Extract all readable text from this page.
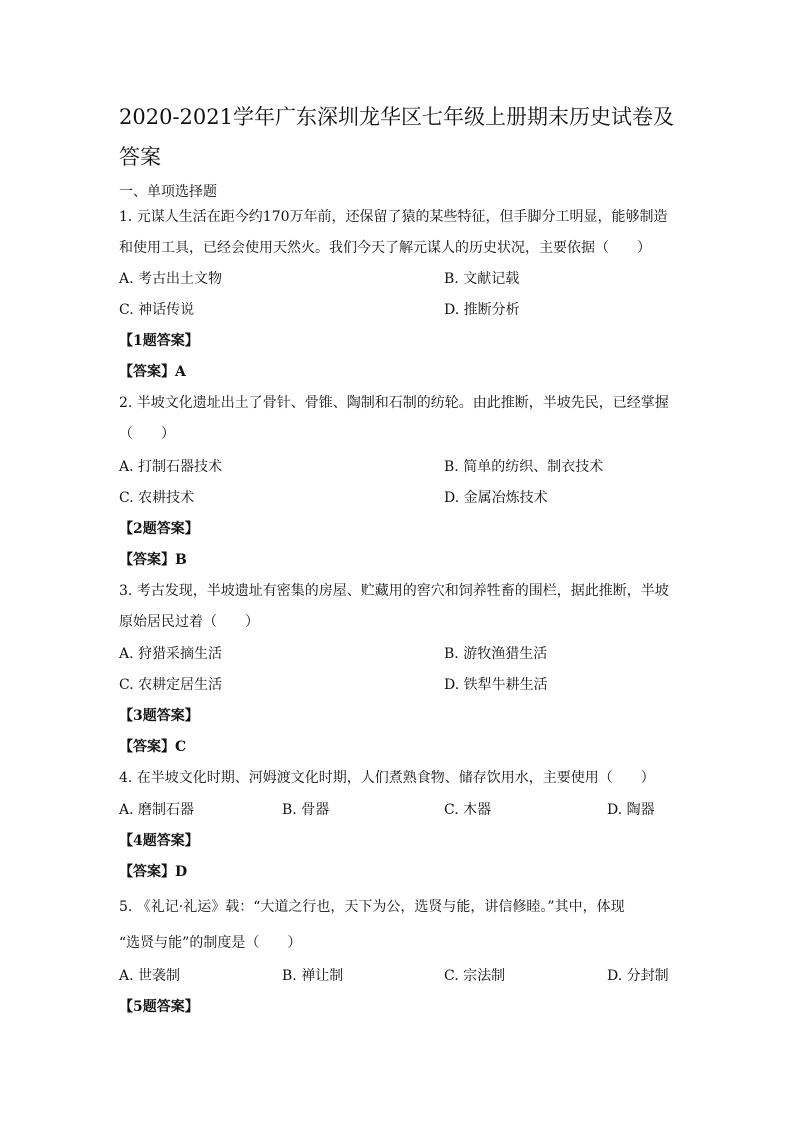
2020-2021学年广东深圳龙华区七年级上册期末历史试卷及
答案
一、单项选择题
1. 元谋人生活在距今约170万年前，还保留了猿的某些特征，但手脚分工明显，能够制造
和使用工具，已经会使用天然火。我们今天了解元谋人的历史状况，主要依据（　　）
A. 考古出土文物	B. 文献记载
C. 神话传说	D. 推断分析
【1题答案】
【答案】A
2. 半坡文化遗址出土了骨针、骨锥、陶制和石制的纺轮。由此推断，半坡先民，已经掌握
（　　）
A. 打制石器技术	B. 简单的纺织、制衣技术
C. 农耕技术	D. 金属冶炼技术
【2题答案】
【答案】B
3. 考古发现，半坡遗址有密集的房屋、贮藏用的窖穴和饲养牲畜的围栏，据此推断，半坡
原始居民过着（　　）
A. 狩猎采摘生活	B. 游牧渔猎生活
C. 农耕定居生活	D. 铁犁牛耕生活
【3题答案】
【答案】C
4. 在半坡文化时期、河姆渡文化时期，人们煮熟食物、储存饮用水，主要使用（　　）
A. 磨制石器	B. 骨器	C. 木器	D. 陶器
【4题答案】
【答案】D
5. 《礼记·礼运》载：“大道之行也，天下为公，选贤与能，讲信修睦。”其中，体现
“选贤与能”的制度是（　　）
A. 世袭制	B. 禅让制	C. 宗法制	D. 分封制
【5题答案】
